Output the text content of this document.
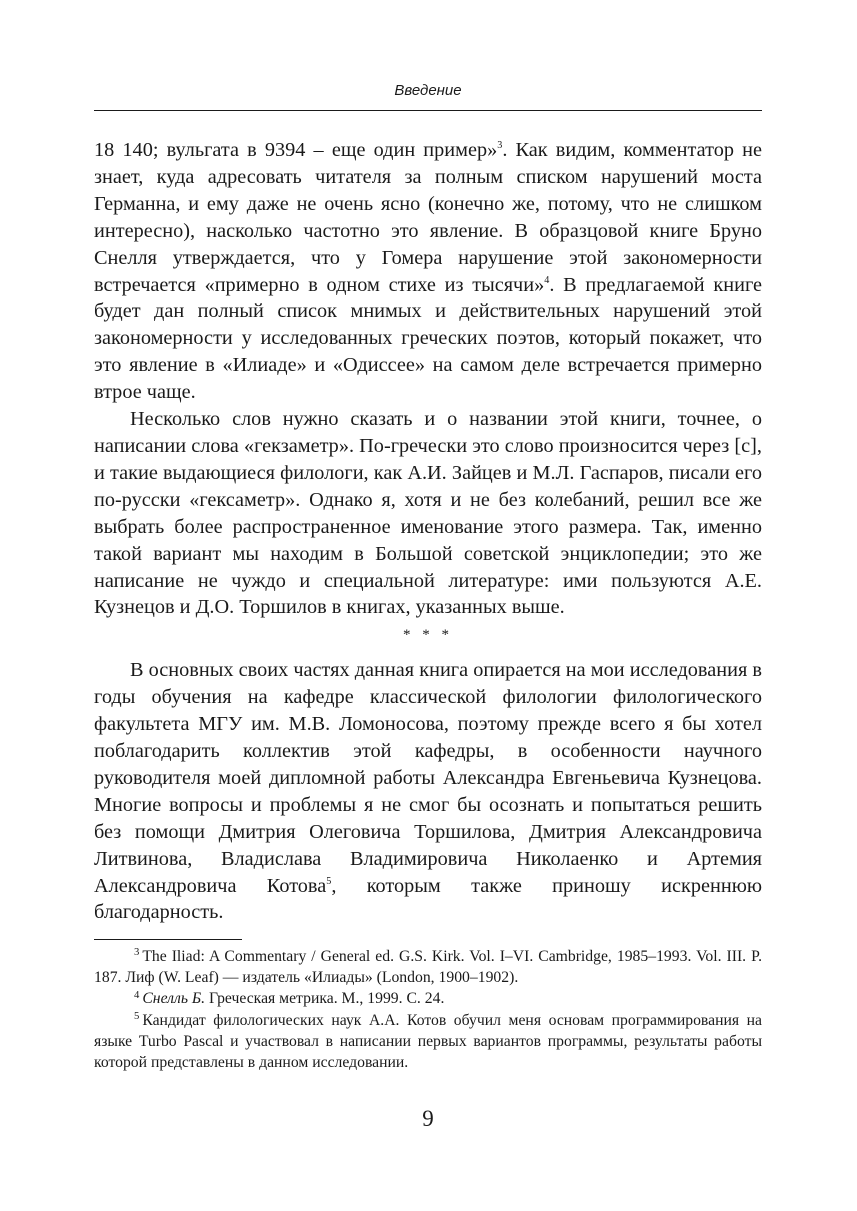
Введение

18 140; вульгата в 9394 – еще один пример»$^3$. Как видим, комментатор не знает, куда адресовать читателя за полным списком нарушений моста Германна, и ему даже не очень ясно (конечно же, потому, что не слишком интересно), насколько частотно это явление. В образцовой книге Бруно Снелля утверждается, что у Гомера нарушение этой закономерности встречается «примерно в одном стихе из тысячи»$^4$. В предлагаемой книге будет дан полный список мнимых и действительных нарушений этой закономерности у исследованных греческих поэтов, который покажет, что это явление в «Илиаде» и «Одиссее» на самом деле встречается примерно втрое чаще.

Несколько слов нужно сказать и о названии этой книги, точнее, о написании слова «гекзаметр». По-гречески это слово произносится через [с], и такие выдающиеся филологи, как А.И. Зайцев и М.Л. Гаспаров, писали его по-русски «гексаметр». Однако я, хотя и не без колебаний, решил все же выбрать более распространенное именование этого размера. Так, именно такой вариант мы находим в Большой советской энциклопедии; это же написание не чуждо и специальной литературе: ими пользуются А.Е. Кузнецов и Д.О. Торшилов в книгах, указанных выше.

* * *

В основных своих частях данная книга опирается на мои исследования в годы обучения на кафедре классической филологии филологического факультета МГУ им. М.В. Ломоносова, поэтому прежде всего я бы хотел поблагодарить коллектив этой кафедры, в особенности научного руководителя моей дипломной работы Александра Евгеньевича Кузнецова. Многие вопросы и проблемы я не смог бы осознать и попытаться решить без помощи Дмитрия Олеговича Торшилова, Дмитрия Александровича Литвинова, Владислава Владимировича Николаенко и Артемия Александровича Котова$^5$, которым также приношу искреннюю благодарность.

$^3$ The Iliad: A Commentary / General ed. G.S. Kirk. Vol. I–VI. Cambridge, 1985–1993. Vol. III. P. 187. Лиф (W. Leaf) — издатель «Илиады» (London, 1900–1902).

$^4$ Снелль Б. Греческая метрика. М., 1999. С. 24.

$^5$ Кандидат филологических наук А.А. Котов обучил меня основам программирования на языке Turbo Pascal и участвовал в написании первых вариантов программы, результаты работы которой представлены в данном исследовании.

9
